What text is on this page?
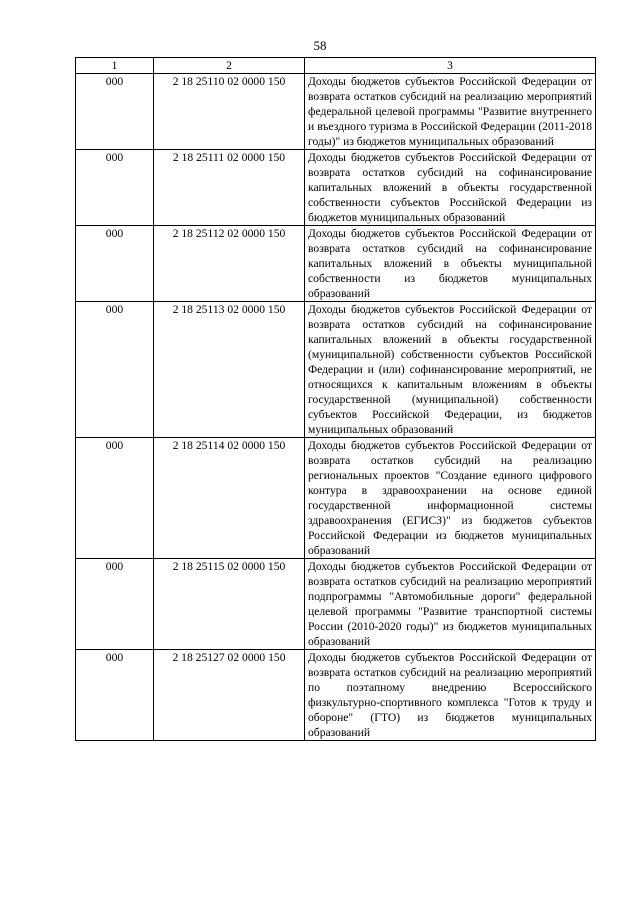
58
1	2	3
000	2 18 25110 02 0000 150	Доходы бюджетов субъектов Российской Федерации от возврата остатков субсидий на реализацию мероприятий федеральной целевой программы "Развитие внутреннего и въездного туризма в Российской Федерации (2011-2018 годы)" из бюджетов муниципальных образований
000	2 18 25111 02 0000 150	Доходы бюджетов субъектов Российской Федерации от возврата остатков субсидий на софинансирование капитальных вложений в объекты государственной собственности субъектов Российской Федерации из бюджетов муниципальных образований
000	2 18 25112 02 0000 150	Доходы бюджетов субъектов Российской Федерации от возврата остатков субсидий на софинансирование капитальных вложений в объекты муниципальной собственности из бюджетов муниципальных образований
000	2 18 25113 02 0000 150	Доходы бюджетов субъектов Российской Федерации от возврата остатков субсидий на софинансирование капитальных вложений в объекты государственной (муниципальной) собственности субъектов Российской Федерации и (или) софинансирование мероприятий, не относящихся к капитальным вложениям в объекты государственной (муниципальной) собственности субъектов Российской Федерации, из бюджетов муниципальных образований
000	2 18 25114 02 0000 150	Доходы бюджетов субъектов Российской Федерации от возврата остатков субсидий на реализацию региональных проектов "Создание единого цифрового контура в здравоохранении на основе единой государственной информационной системы здравоохранения (ЕГИСЗ)" из бюджетов субъектов Российской Федерации из бюджетов муниципальных образований
000	2 18 25115 02 0000 150	Доходы бюджетов субъектов Российской Федерации от возврата остатков субсидий на реализацию мероприятий подпрограммы "Автомобильные дороги" федеральной целевой программы "Развитие транспортной системы России (2010-2020 годы)" из бюджетов муниципальных образований
000	2 18 25127 02 0000 150	Доходы бюджетов субъектов Российской Федерации от возврата остатков субсидий на реализацию мероприятий по поэтапному внедрению Всероссийского физкультурно-спортивного комплекса "Готов к труду и обороне" (ГТО) из бюджетов муниципальных образований
